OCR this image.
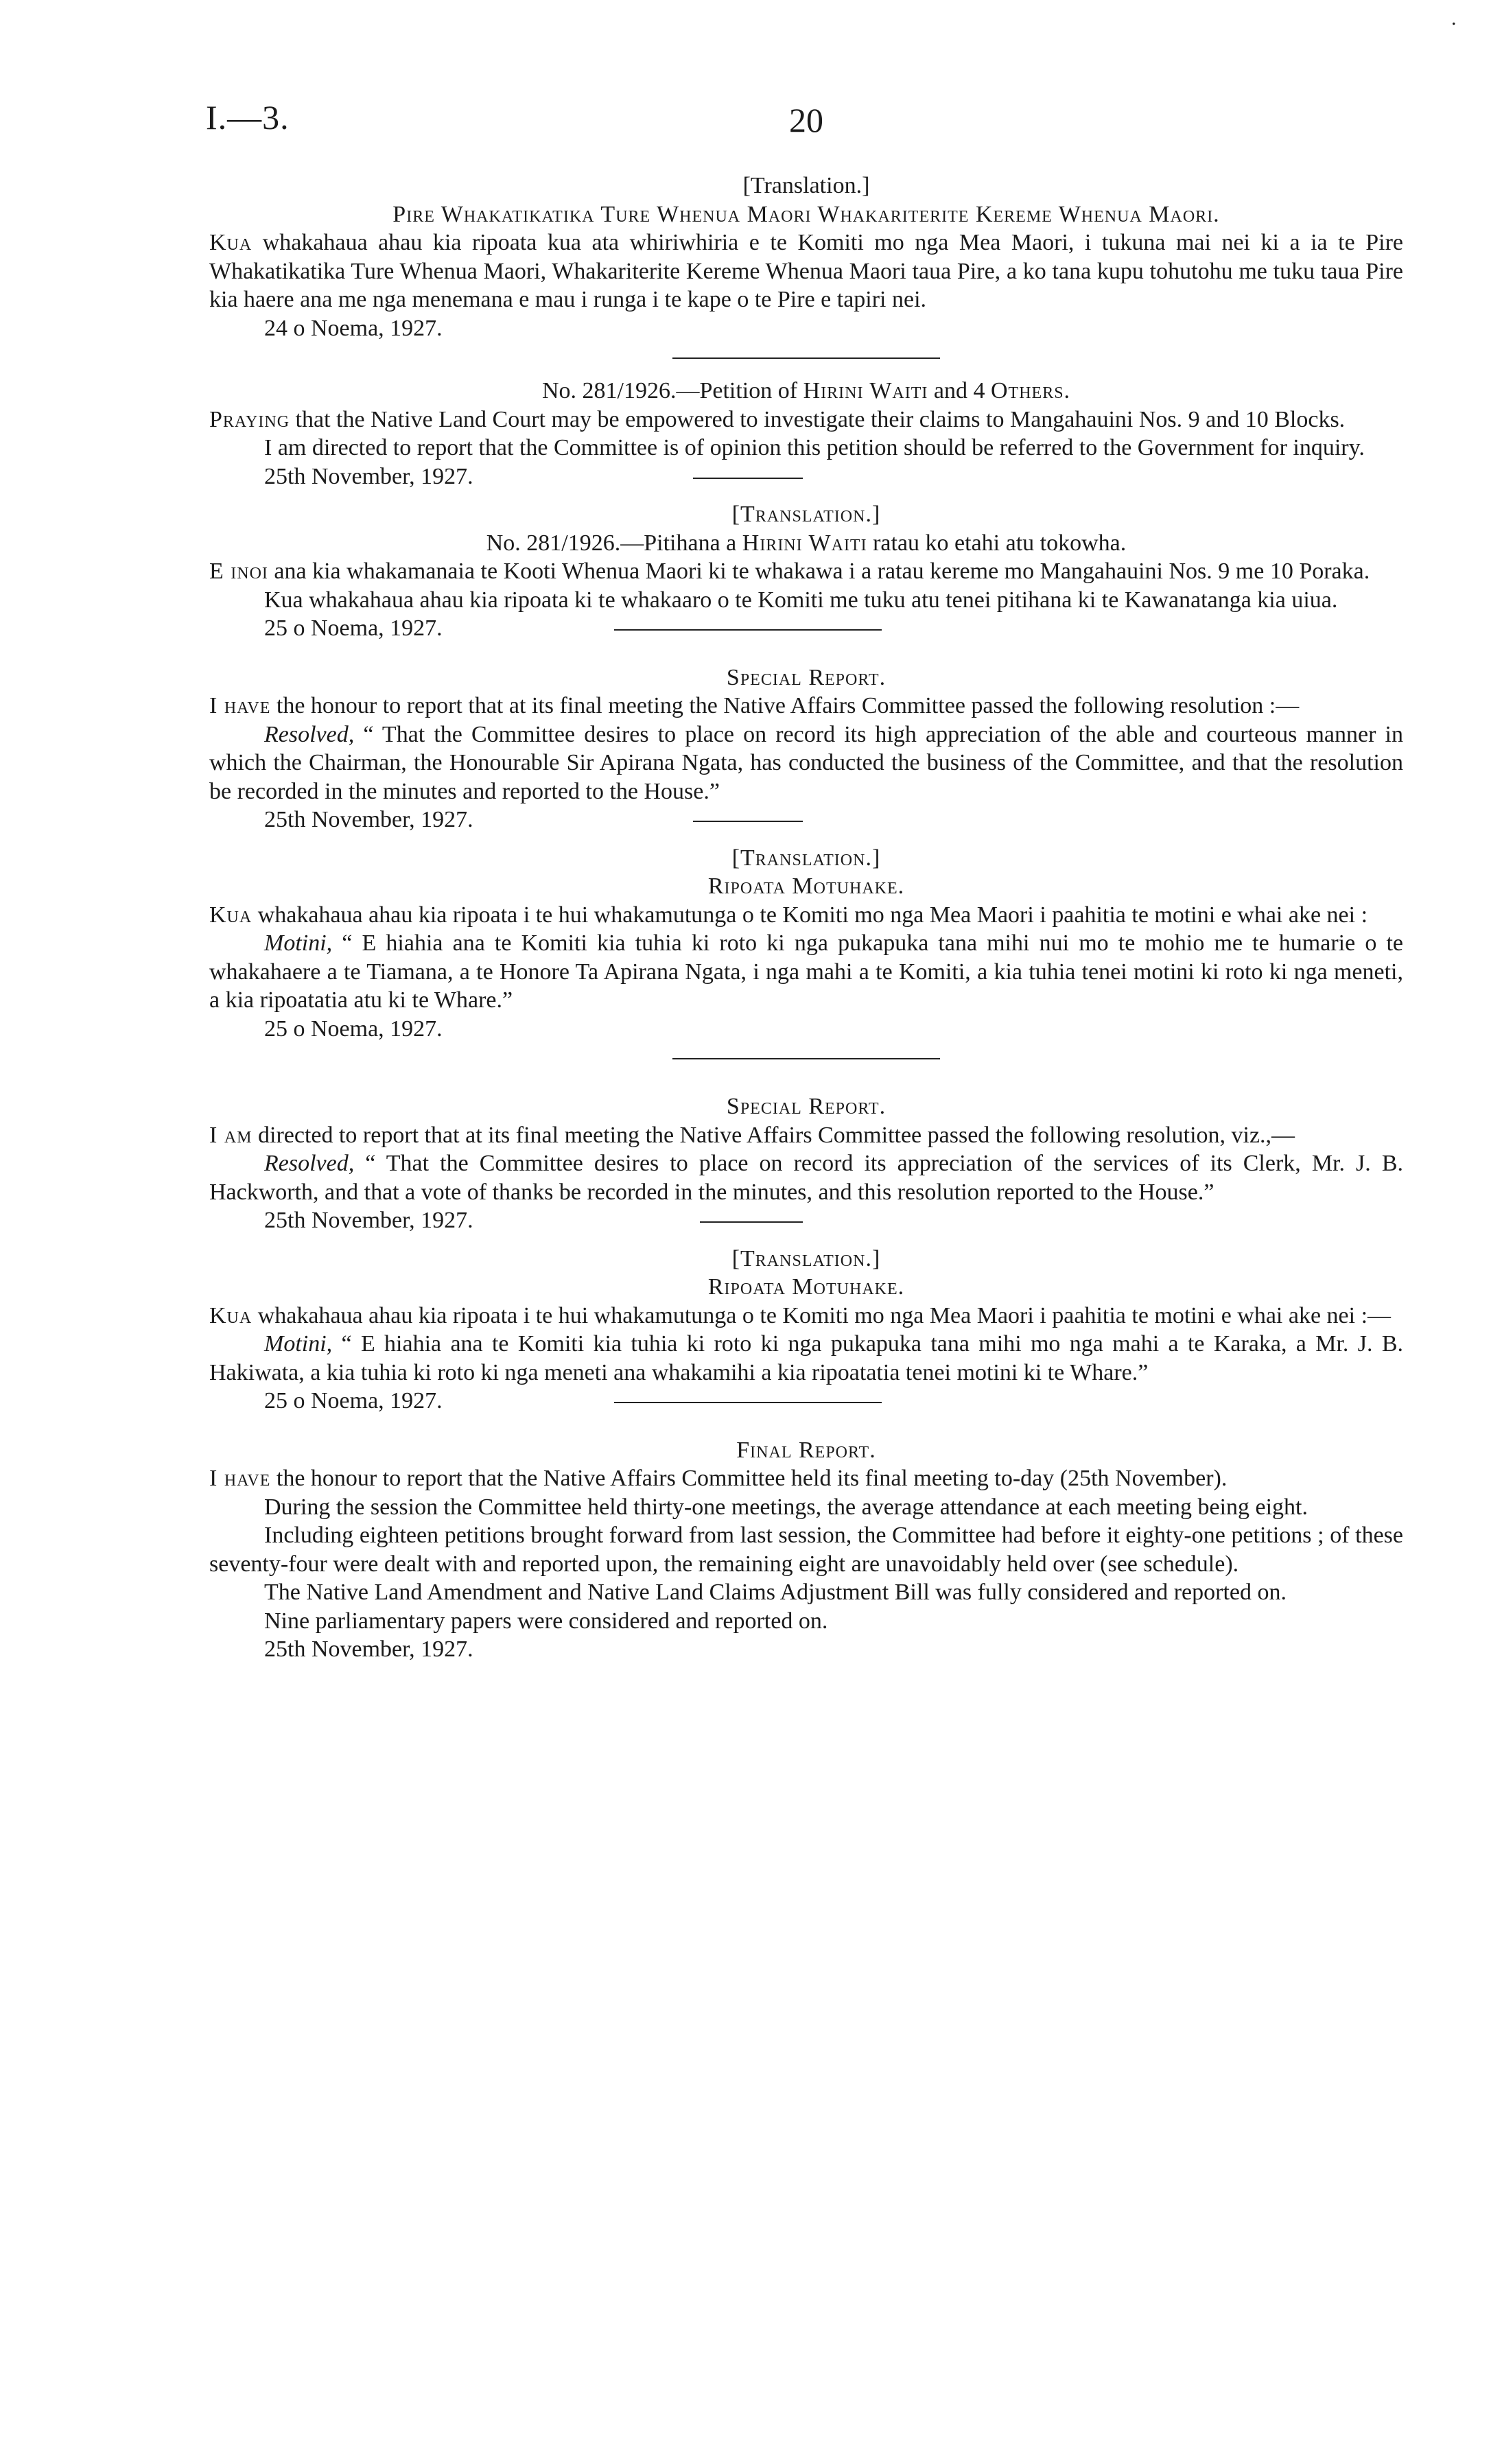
.
I.—3.	20

[Translation.]

Pire Whakatikatika Ture Whenua Maori Whakariterite Kereme Whenua Maori.

Kua whakahaua ahau kia ripoata kua ata whiriwhiria e te Komiti mo nga Mea Maori, i tukuna mai nei ki a ia te Pire Whakatikatika Ture Whenua Maori, Whakariterite Kereme Whenua Maori taua Pire, a ko tana kupu tohutohu me tuku taua Pire kia haere ana me nga menemana e mau i runga i te kape o te Pire e tapiri nei.

24 o Noema, 1927.

No. 281/1926.—Petition of Hirini Waiti and 4 Others.

Praying that the Native Land Court may be empowered to investigate their claims to Mangahauini Nos. 9 and 10 Blocks.

I am directed to report that the Committee is of opinion this petition should be referred to the Government for inquiry.

25th November, 1927.

[Translation.]

No. 281/1926.—Pitihana a Hirini Waiti ratau ko etahi atu tokowha.

E inoi ana kia whakamanaia te Kooti Whenua Maori ki te whakawa i a ratau kereme mo Mangahauini Nos. 9 me 10 Poraka.

Kua whakahaua ahau kia ripoata ki te whakaaro o te Komiti me tuku atu tenei pitihana ki te Kawanatanga kia uiua.

25 o Noema, 1927.

Special Report.

I have the honour to report that at its final meeting the Native Affairs Committee passed the following resolution :—

Resolved, “ That the Committee desires to place on record its high appreciation of the able and courteous manner in which the Chairman, the Honourable Sir Apirana Ngata, has conducted the business of the Committee, and that the resolution be recorded in the minutes and reported to the House.”

25th November, 1927.

[Translation.]

Ripoata Motuhake.

Kua whakahaua ahau kia ripoata i te hui whakamutunga o te Komiti mo nga Mea Maori i paahitia te motini e whai ake nei :

Motini, “ E hiahia ana te Komiti kia tuhia ki roto ki nga pukapuka tana mihi nui mo te mohio me te humarie o te whakahaere a te Tiamana, a te Honore Ta Apirana Ngata, i nga mahi a te Komiti, a kia tuhia tenei motini ki roto ki nga meneti, a kia ripoatatia atu ki te Whare.”

25 o Noema, 1927.

Special Report.

I am directed to report that at its final meeting the Native Affairs Committee passed the following resolution, viz.,—

Resolved, “ That the Committee desires to place on record its appreciation of the services of its Clerk, Mr. J. B. Hackworth, and that a vote of thanks be recorded in the minutes, and this resolution reported to the House.”

25th November, 1927.

[Translation.]

Ripoata Motuhake.

Kua whakahaua ahau kia ripoata i te hui whakamutunga o te Komiti mo nga Mea Maori i paahitia te motini e whai ake nei :—

Motini, “ E hiahia ana te Komiti kia tuhia ki roto ki nga pukapuka tana mihi mo nga mahi a te Karaka, a Mr. J. B. Hakiwata, a kia tuhia ki roto ki nga meneti ana whakamihi a kia ripoatatia tenei motini ki te Whare.”

25 o Noema, 1927.

Final Report.

I have the honour to report that the Native Affairs Committee held its final meeting to-day (25th November).

During the session the Committee held thirty-one meetings, the average attendance at each meeting being eight.

Including eighteen petitions brought forward from last session, the Committee had before it eighty-one petitions ; of these seventy-four were dealt with and reported upon, the remaining eight are unavoidably held over (see schedule).

The Native Land Amendment and Native Land Claims Adjustment Bill was fully considered and reported on.

Nine parliamentary papers were considered and reported on.

25th November, 1927.
